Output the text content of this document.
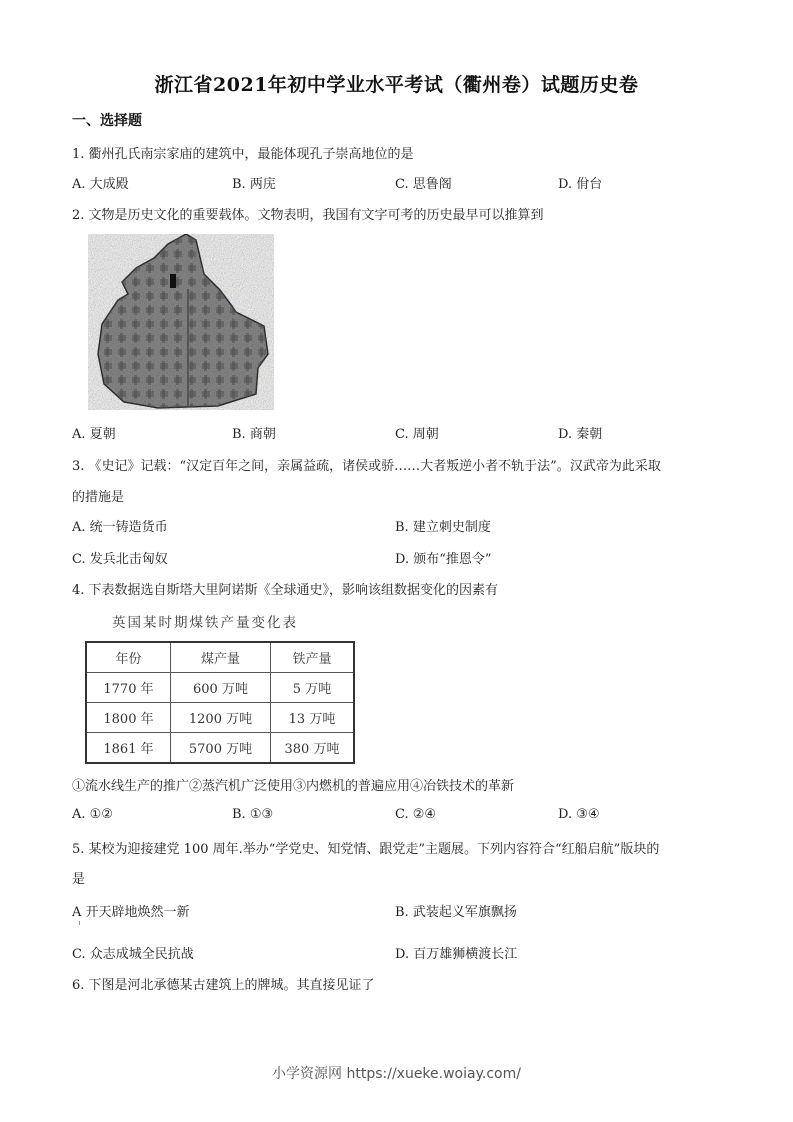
浙江省2021年初中学业水平考试（衢州卷）试题历史卷
一、选择题
1. 衢州孔氏南宗家庙的建筑中，最能体现孔子崇高地位的是
A. 大成殿	B. 两庑	C. 思鲁阁	D. 佾台
2. 文物是历史文化的重要载体。文物表明，我国有文字可考的历史最早可以推算到
A. 夏朝	B. 商朝	C. 周朝	D. 秦朝
3. 《史记》记载：“汉定百年之间，亲属益疏，诸侯或骄……大者叛逆小者不轨于法”。汉武帝为此采取
的措施是
A. 统一铸造货币	B. 建立刺史制度
C. 发兵北击匈奴	D. 颁布“推恩令”
4. 下表数据选自斯塔大里阿诺斯《全球通史》，影响该组数据变化的因素有
英国某时期煤铁产量变化表
年份	煤产量	铁产量
1770 年	600 万吨	5 万吨
1800 年	1200 万吨	13 万吨
1861 年	5700 万吨	380 万吨
①流水线生产的推广②蒸汽机广泛使用③内燃机的普遍应用④冶铁技术的革新
A. ①②	B. ①③	C. ②④	D. ③④
5. 某校为迎接建党 100 周年.举办“学党史、知党情、跟党走”主题展。下列内容符合“红船启航”版块的
是
A 开天辟地焕然一新	B. 武装起义军旗飘扬
C. 众志成城全民抗战	D. 百万雄狮横渡长江
6. 下图是河北承德某古建筑上的牌城。其直接见证了
小学资源网 https://xueke.woiay.com/
